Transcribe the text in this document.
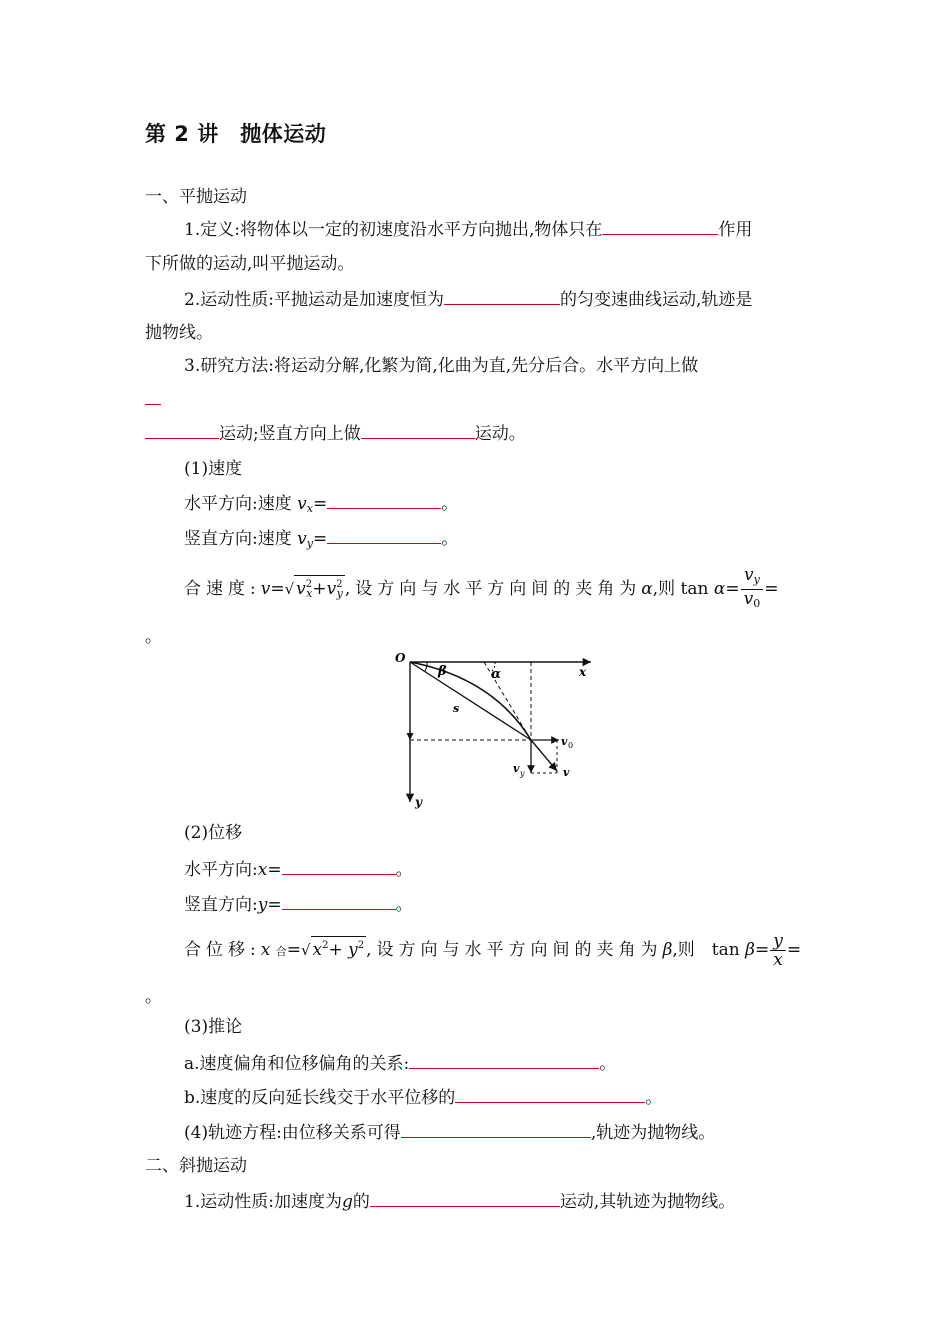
第 2 讲　抛体运动
一、平抛运动
1.定义:将物体以一定的初速度沿水平方向抛出,物体只在	作用
下所做的运动,叫平抛运动。
2.运动性质:平抛运动是加速度恒为	的匀变速曲线运动,轨迹是
抛物线。
3.研究方法:将运动分解,化繁为简,化曲为直,先分后合。水平方向上做
运动;竖直方向上做	运动。
(1)速度
水平方向:速度 $v_x=$	。
竖直方向:速度 $v_y=$	。
合速度:v=√ $v^2_x+v^2_y$ ,设方向与水平方向间的夹角为α,则 $\tan \alpha= \frac{v_y}{v_0}$ =
。
O
x
y
β	α
s
v 0
v y	v
(2)位移
水平方向:x=	。
竖直方向:y=	。
合位移:x 合=√ $x^2+ y^2$ ,设方向与水平方向间的夹角为β,则　$\tan \beta= \frac{y}{x}$ =
。
(3)推论
a.速度偏角和位移偏角的关系:	。
b.速度的反向延长线交于水平位移的	。
(4)轨迹方程:由位移关系可得	,轨迹为抛物线。
二、斜抛运动
1.运动性质:加速度为g的	运动,其轨迹为抛物线。
